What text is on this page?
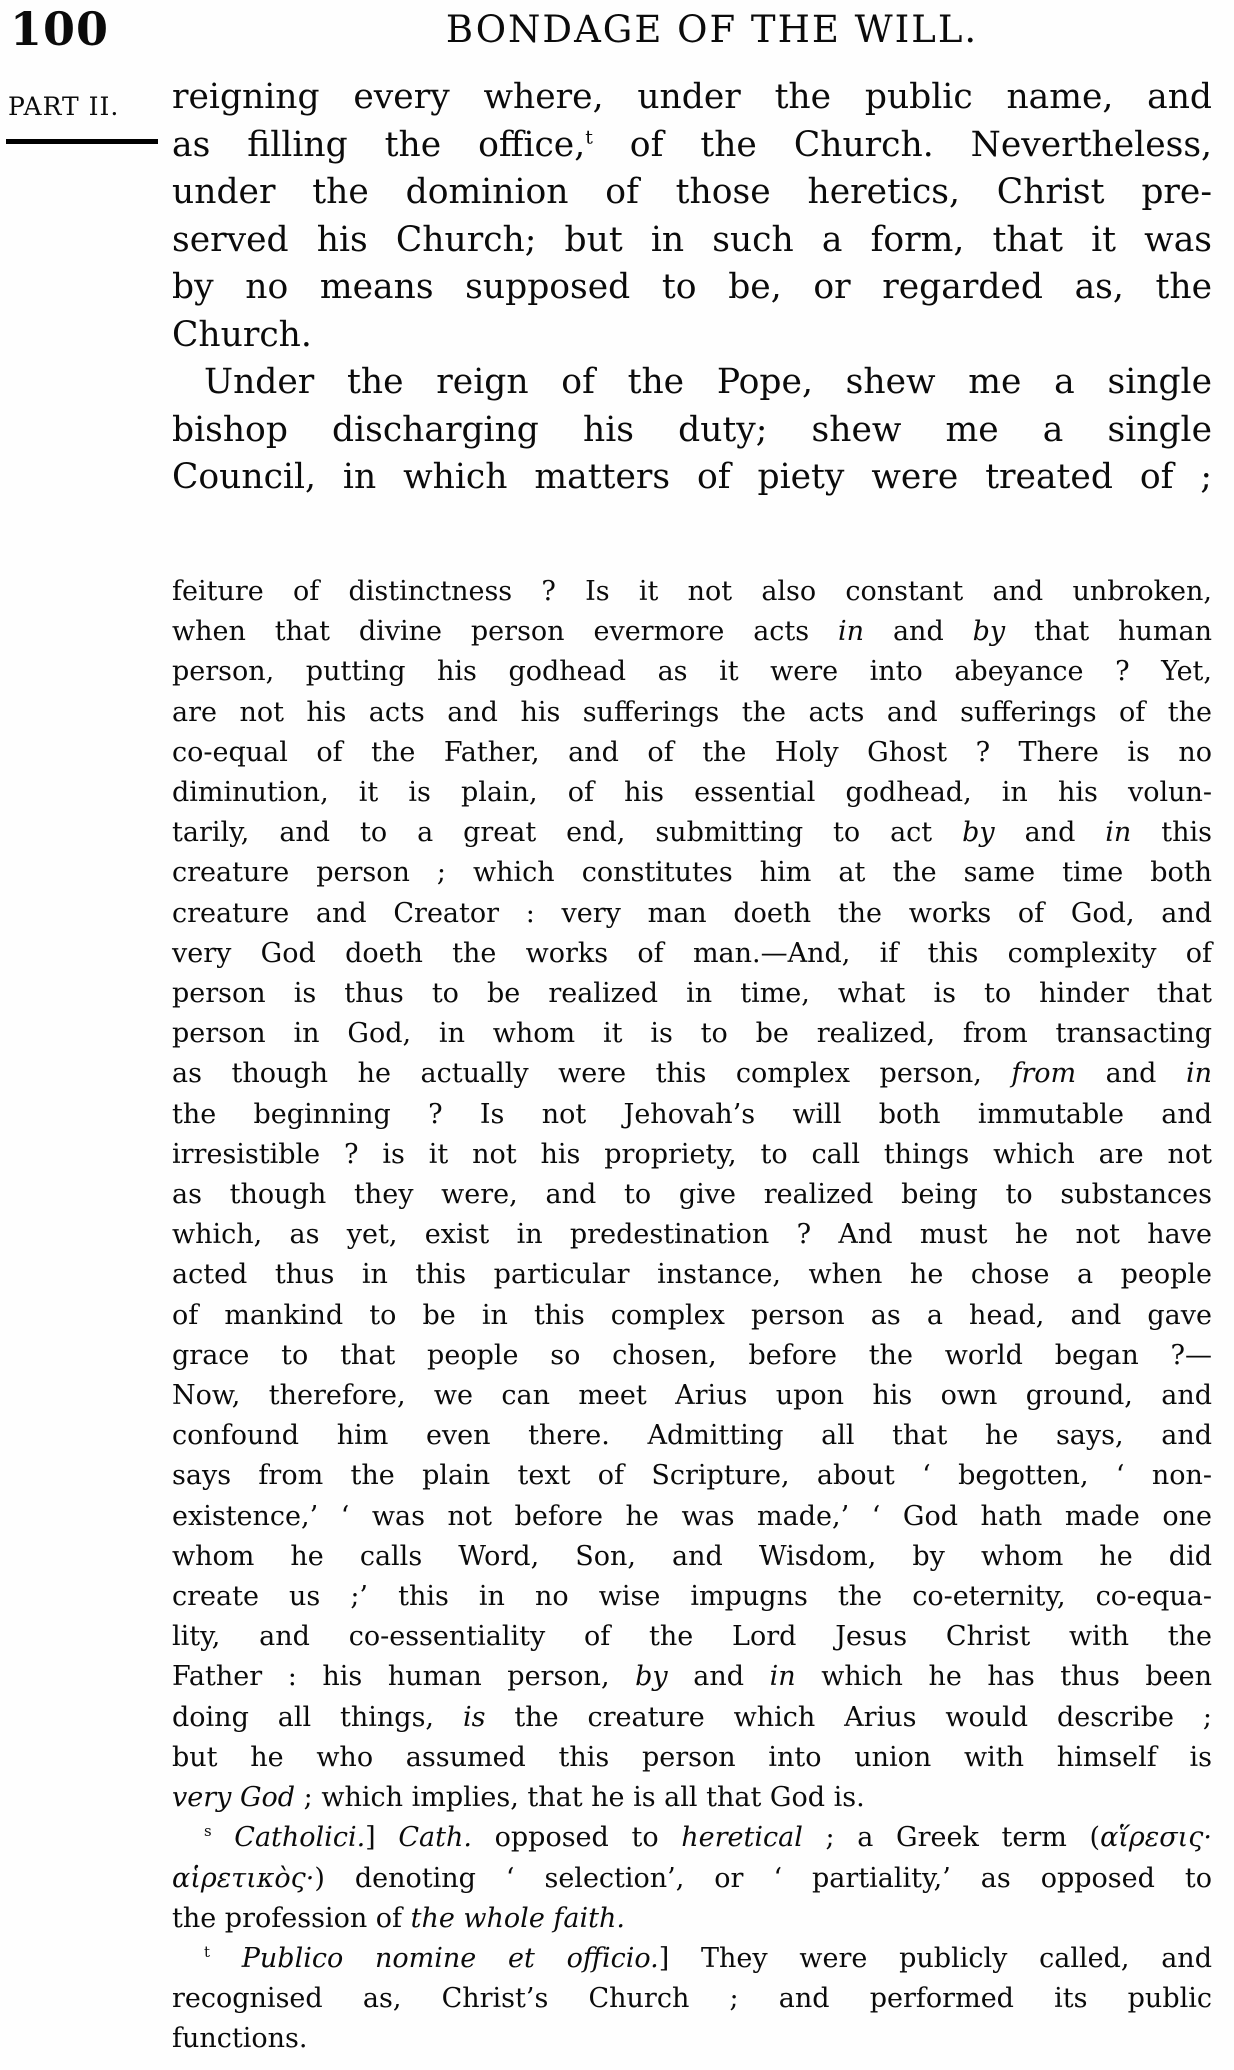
100	BONDAGE OF THE WILL.
PART II. reigning every where, under the public name, and
as filling the office,$^t$ of the Church. Nevertheless,
under the dominion of those heretics, Christ pre-
served his Church; but in such a form, that it was
by no means supposed to be, or regarded as, the
Church.
Under the reign of the Pope, shew me a single
bishop discharging his duty; shew me a single
Council, in which matters of piety were treated of ;
feiture of distinctness ? Is it not also constant and unbroken,
when that divine person evermore acts in and by that human
person, putting his godhead as it were into abeyance ? Yet,
are not his acts and his sufferings the acts and sufferings of the
co-equal of the Father, and of the Holy Ghost ? There is no
diminution, it is plain, of his essential godhead, in his volun-
tarily, and to a great end, submitting to act by and in this
creature person ; which constitutes him at the same time both
creature and Creator : very man doeth the works of God, and
very God doeth the works of man.—And, if this complexity of
person is thus to be realized in time, what is to hinder that
person in God, in whom it is to be realized, from transacting
as though he actually were this complex person, from and in
the beginning ? Is not Jehovah’s will both immutable and
irresistible ? is it not his propriety, to call things which are not
as though they were, and to give realized being to substances
which, as yet, exist in predestination ? And must he not have
acted thus in this particular instance, when he chose a people
of mankind to be in this complex person as a head, and gave
grace to that people so chosen, before the world began ?—
Now, therefore, we can meet Arius upon his own ground, and
confound him even there. Admitting all that he says, and
says from the plain text of Scripture, about ‘ begotten, ‘ non-
existence,’ ‘ was not before he was made,’ ‘ God hath made one
whom he calls Word, Son, and Wisdom, by whom he did
create us ;’ this in no wise impugns the co-eternity, co-equa-
lity, and co-essentiality of the Lord Jesus Christ with the
Father : his human person, by and in which he has thus been
doing all things, is the creature which Arius would describe ;
but he who assumed this person into union with himself is
very God ; which implies, that he is all that God is.
$^s$ Catholici.] Cath. opposed to heretical ; a Greek term (αἵρεσις·
αἱρετικὸς·) denoting ‘ selection’, or ‘ partiality,’ as opposed to
the profession of the whole faith.
$^t$ Publico nomine et officio.] They were publicly called, and
recognised as, Christ’s Church ; and performed its public
functions.
